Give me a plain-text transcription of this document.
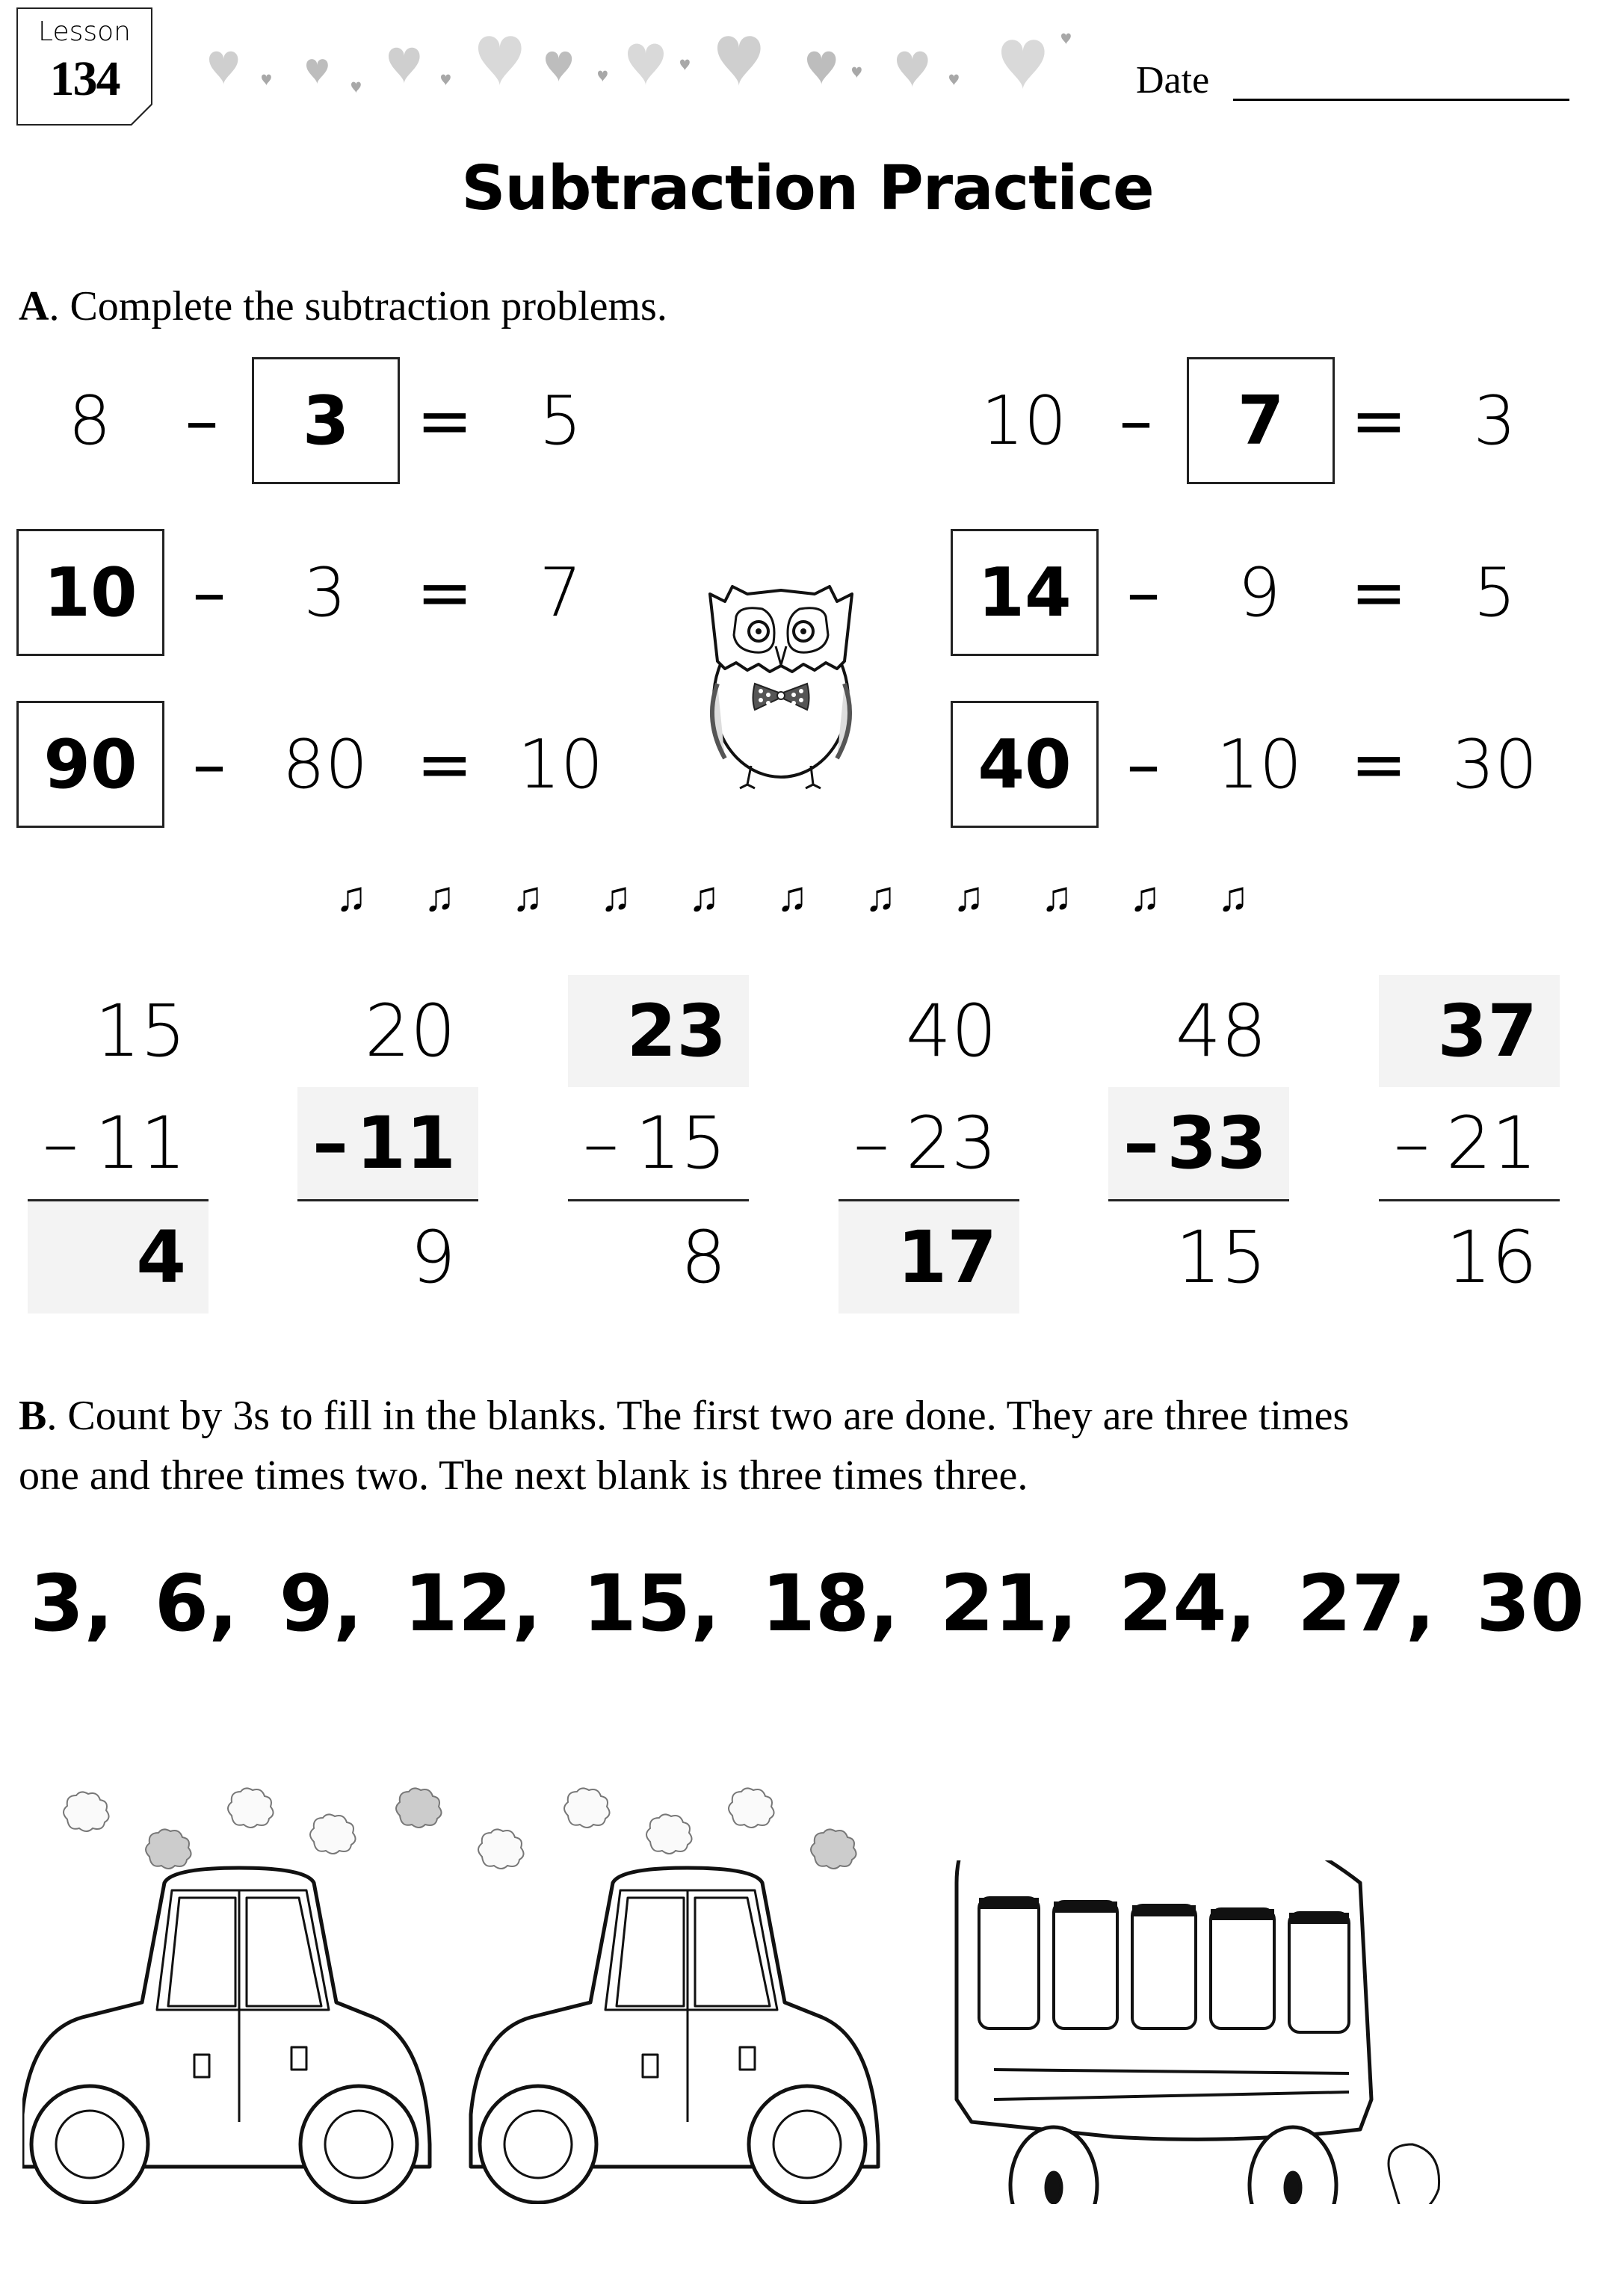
Lesson
134	Date
Subtraction Practice
A. Complete the subtraction problems.
8	–	3 = 5	10 –	7 = 3
10 –	3	= 7	14 –	9	= 5
90 – 80 = 10	40 – 10 = 30
♫ ♫ ♫ ♫ ♫ ♫ ♫ ♫ ♫ ♫ ♫
15
– 11
4
20
– 11
9
23
– 15
8
40
– 23
17
48
– 33
15
37
– 21
16
B. Count by 3s to fill in the blanks. The first two are done. They are three times
one and three times two. The next blank is three times three.
3, 6, 9, 12, 15, 18, 21, 24, 27, 30
